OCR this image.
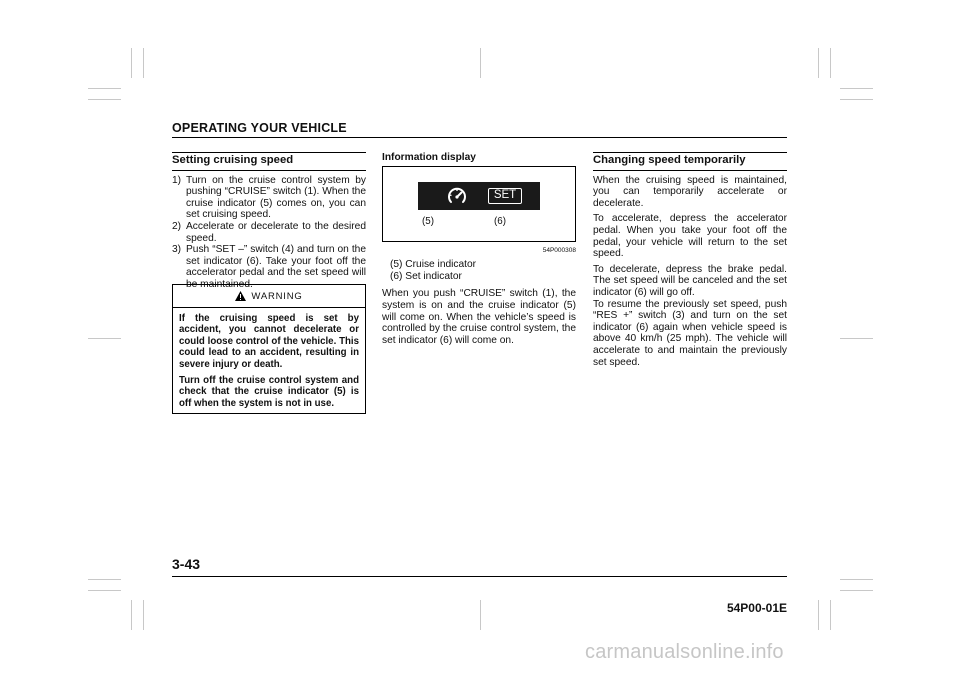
OPERATING YOUR VEHICLE
Setting cruising speed
1) Turn on the cruise control system by pushing “CRUISE” switch (1). When the cruise indicator (5) comes on, you can set cruising speed.
2) Accelerate or decelerate to the desired speed.
3) Push “SET –” switch (4) and turn on the set indicator (6). Take your foot off the accelerator pedal and the set speed will be maintained.
WARNING

If the cruising speed is set by accident, you cannot decelerate or could loose control of the vehicle. This could lead to an accident, resulting in severe injury or death.

Turn off the cruise control system and check that the cruise indicator (5) is off when the system is not in use.

Information display
SET
(5)	(6)
54P000308
(5) Cruise indicator
(6) Set indicator

When you push “CRUISE” switch (1), the system is on and the cruise indicator (5) will come on. When the vehicle’s speed is controlled by the cruise control system, the set indicator (6) will come on.

Changing speed temporarily

When the cruising speed is maintained, you can temporarily accelerate or decelerate.

To accelerate, depress the accelerator pedal. When you take your foot off the pedal, your vehicle will return to the set speed.

To decelerate, depress the brake pedal. The set speed will be canceled and the set indicator (6) will go off.

To resume the previously set speed, push “RES +” switch (3) and turn on the set indicator (6) again when vehicle speed is above 40 km/h (25 mph). The vehicle will accelerate to and maintain the previously set speed.

3-43
54P00-01E
carmanualsonline.info
